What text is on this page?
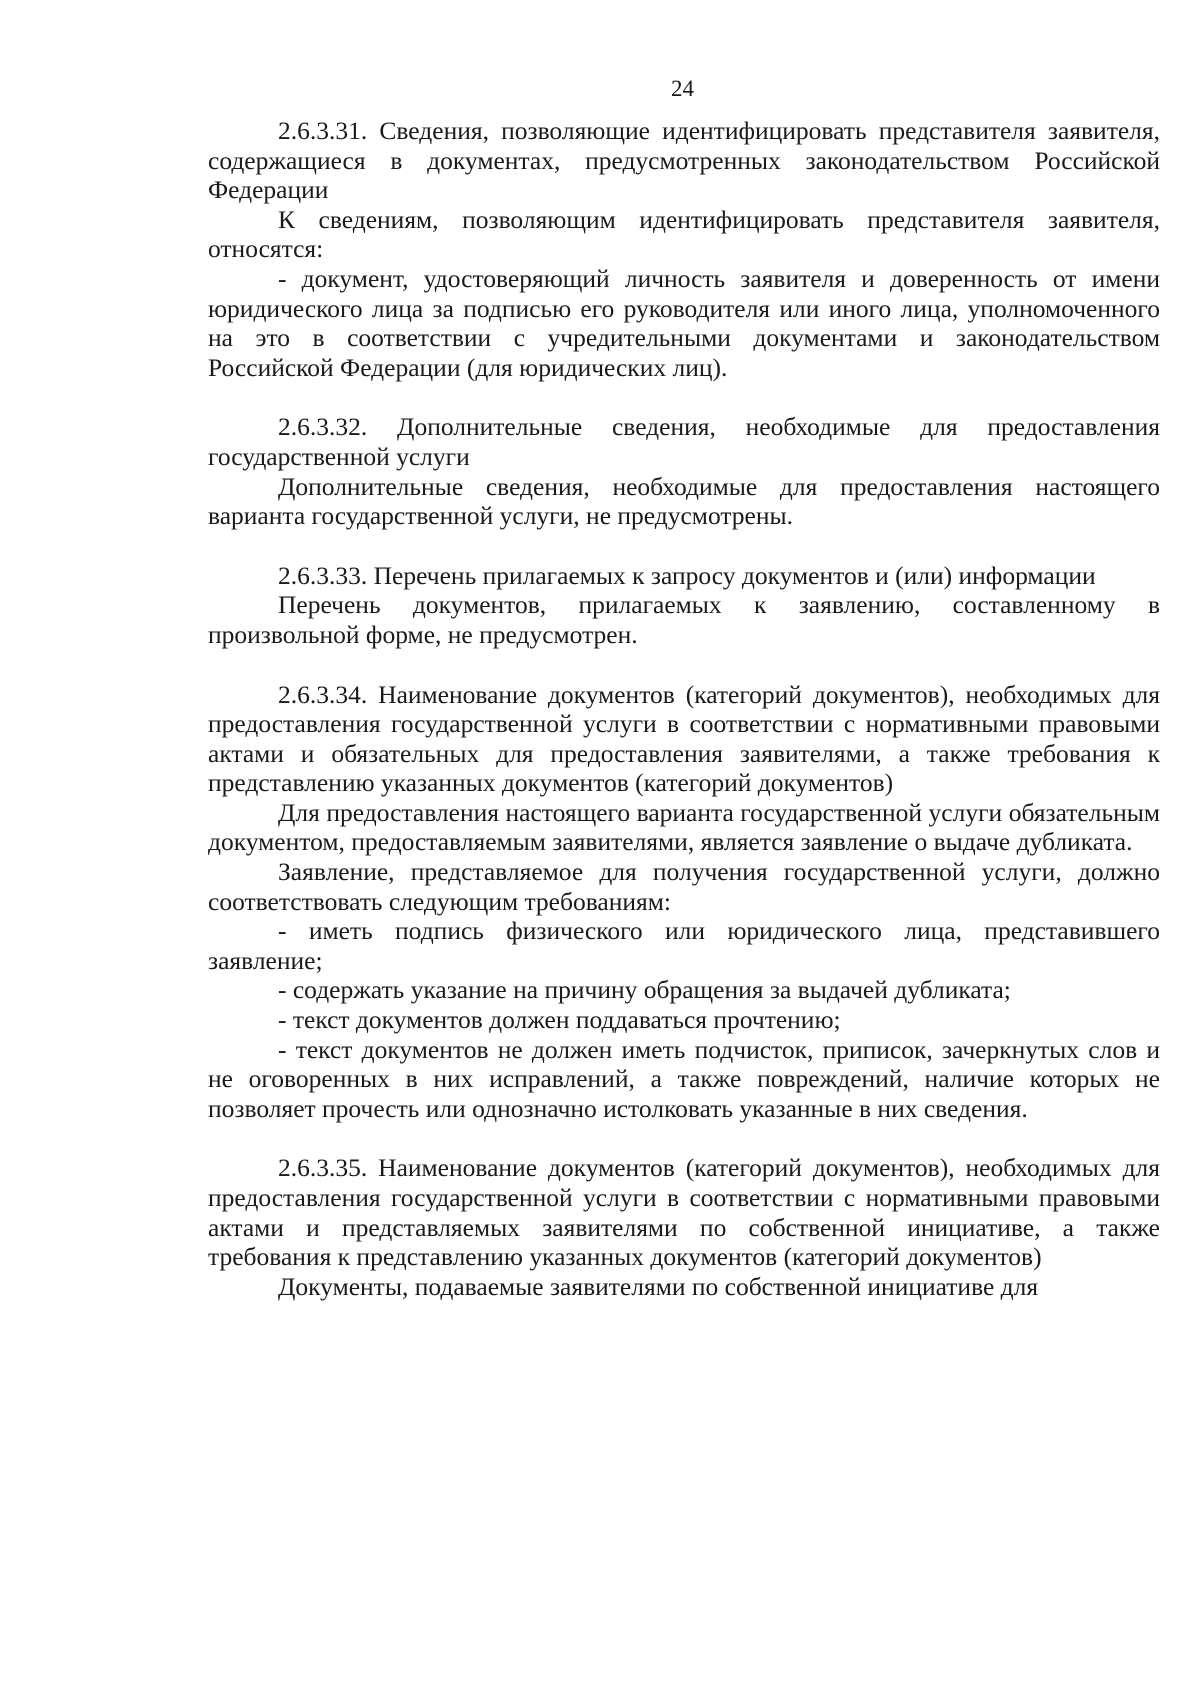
24

2.6.3.31. Сведения, позволяющие идентифицировать представителя заявителя, содержащиеся в документах, предусмотренных законодательством Российской Федерации

К сведениям, позволяющим идентифицировать представителя заявителя, относятся:

- документ, удостоверяющий личность заявителя и доверенность от имени юридического лица за подписью его руководителя или иного лица, уполномоченного на это в соответствии с учредительными документами и законодательством Российской Федерации (для юридических лиц).

2.6.3.32. Дополнительные сведения, необходимые для предоставления государственной услуги

Дополнительные сведения, необходимые для предоставления настоящего варианта государственной услуги, не предусмотрены.

2.6.3.33. Перечень прилагаемых к запросу документов и (или) информации

Перечень документов, прилагаемых к заявлению, составленному в произвольной форме, не предусмотрен.

2.6.3.34. Наименование документов (категорий документов), необходимых для предоставления государственной услуги в соответствии с нормативными правовыми актами и обязательных для предоставления заявителями, а также требования к представлению указанных документов (категорий документов)

Для предоставления настоящего варианта государственной услуги обязательным документом, предоставляемым заявителями, является заявление о выдаче дубликата.

Заявление, представляемое для получения государственной услуги, должно соответствовать следующим требованиям:

- иметь подпись физического или юридического лица, представившего заявление;

- содержать указание на причину обращения за выдачей дубликата;

- текст документов должен поддаваться прочтению;

- текст документов не должен иметь подчисток, приписок, зачеркнутых слов и не оговоренных в них исправлений, а также повреждений, наличие которых не позволяет прочесть или однозначно истолковать указанные в них сведения.

2.6.3.35. Наименование документов (категорий документов), необходимых для предоставления государственной услуги в соответствии с нормативными правовыми актами и представляемых заявителями по собственной инициативе, а также требования к представлению указанных документов (категорий документов)

Документы, подаваемые заявителями по собственной инициативе для
